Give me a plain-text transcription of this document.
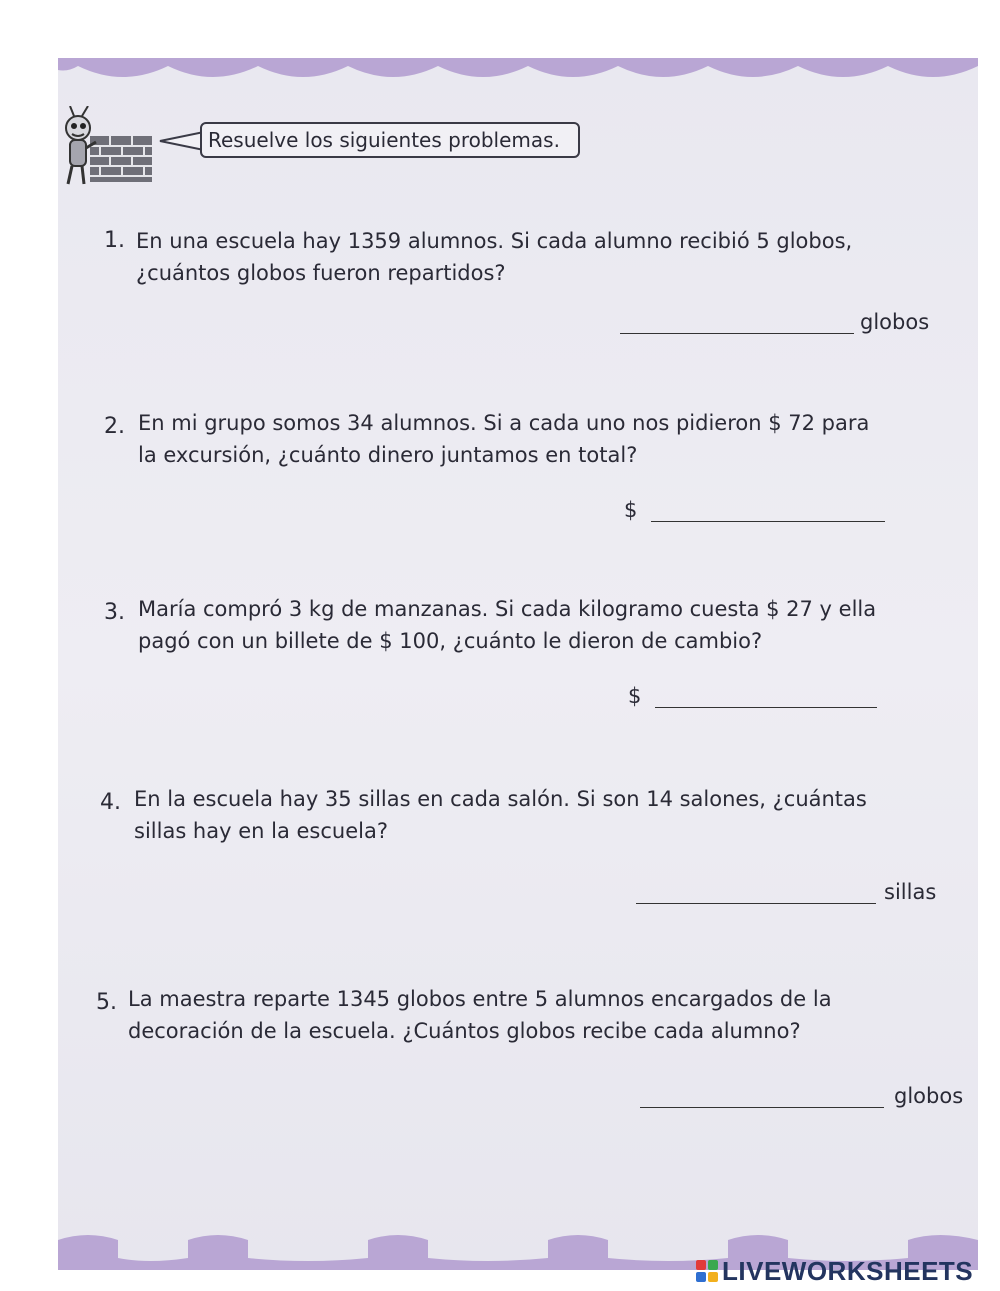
Resuelve los siguientes problemas.
1. En una escuela hay 1359 alumnos. Si cada alumno recibió 5 globos,
¿cuántos globos fueron repartidos?
globos
2. En mi grupo somos 34 alumnos. Si a cada uno nos pidieron $ 72 para
la excursión, ¿cuánto dinero juntamos en total?
$
3. María compró 3 kg de manzanas. Si cada kilogramo cuesta $ 27 y ella
pagó con un billete de $ 100, ¿cuánto le dieron de cambio?
$
4. En la escuela hay 35 sillas en cada salón. Si son 14 salones, ¿cuántas
sillas hay en la escuela?
sillas
5. La maestra reparte 1345 globos entre 5 alumnos encargados de la
decoración de la escuela. ¿Cuántos globos recibe cada alumno?
globos
LIVEWORKSHEETS
